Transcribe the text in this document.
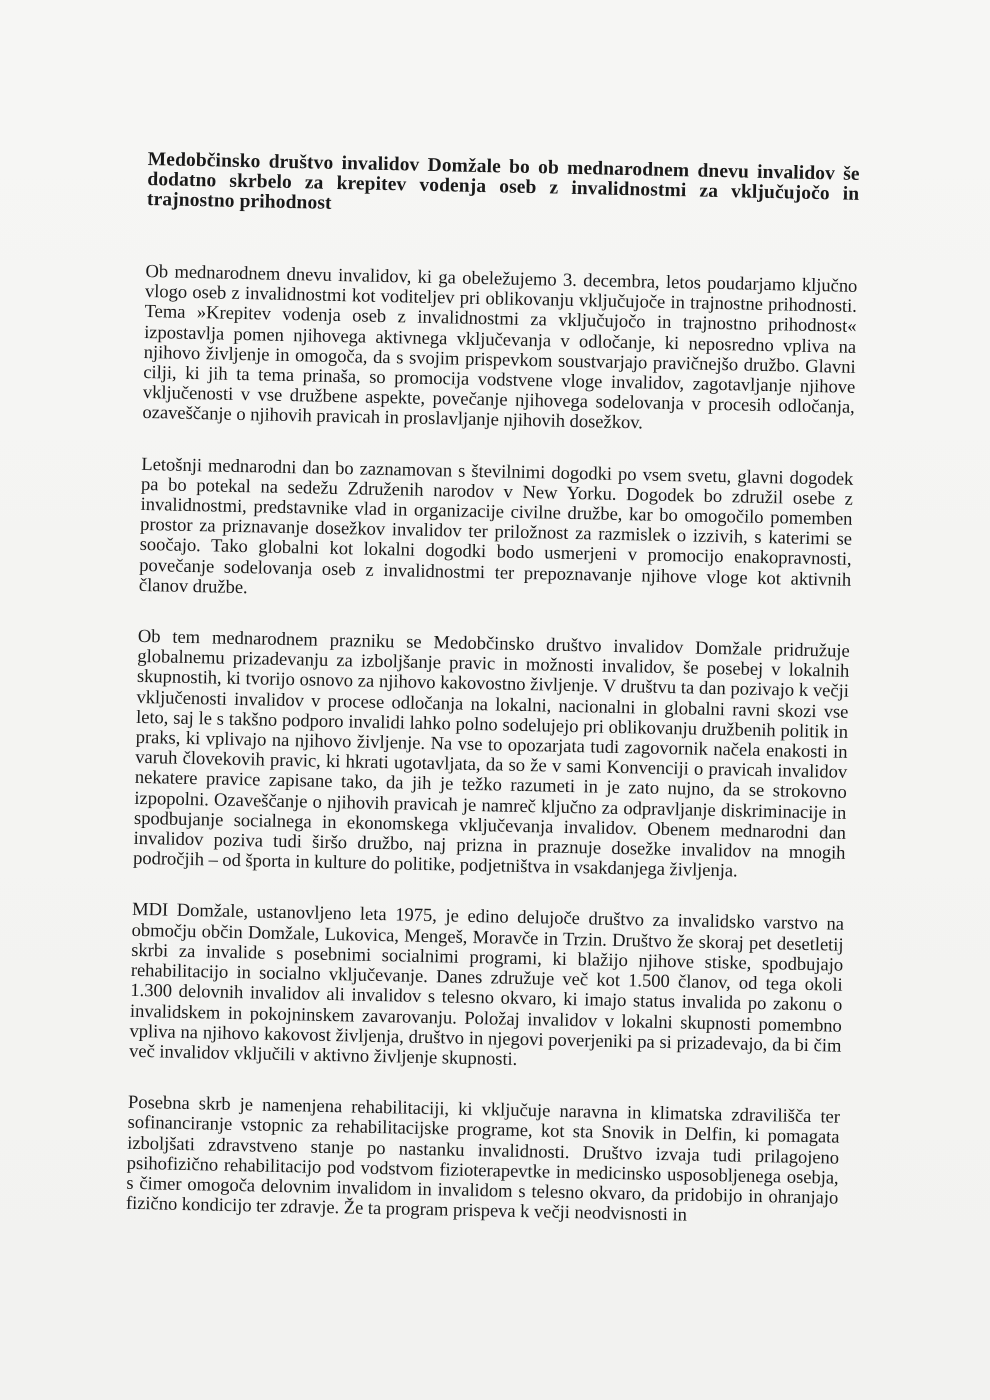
Medobčinsko društvo invalidov Domžale bo ob mednarodnem dnevu invalidov še dodatno skrbelo za krepitev vodenja oseb z invalidnostmi za vključujočo in trajnostno prihodnost

Ob mednarodnem dnevu invalidov, ki ga obeležujemo 3. decembra, letos poudarjamo ključno vlogo oseb z invalidnostmi kot voditeljev pri oblikovanju vključujoče in trajnostne prihodnosti. Tema »Krepitev vodenja oseb z invalidnostmi za vključujočo in trajnostno prihodnost« izpostavlja pomen njihovega aktivnega vključevanja v odločanje, ki neposredno vpliva na njihovo življenje in omogoča, da s svojim prispevkom soustvarjajo pravičnejšo družbo. Glavni cilji, ki jih ta tema prinaša, so promocija vodstvene vloge invalidov, zagotavljanje njihove vključenosti v vse družbene aspekte, povečanje njihovega sodelovanja v procesih odločanja, ozaveščanje o njihovih pravicah in proslavljanje njihovih dosežkov.

Letošnji mednarodni dan bo zaznamovan s številnimi dogodki po vsem svetu, glavni dogodek pa bo potekal na sedežu Združenih narodov v New Yorku. Dogodek bo združil osebe z invalidnostmi, predstavnike vlad in organizacije civilne družbe, kar bo omogočilo pomemben prostor za priznavanje dosežkov invalidov ter priložnost za razmislek o izzivih, s katerimi se soočajo. Tako globalni kot lokalni dogodki bodo usmerjeni v promocijo enakopravnosti, povečanje sodelovanja oseb z invalidnostmi ter prepoznavanje njihove vloge kot aktivnih članov družbe.

Ob tem mednarodnem prazniku se Medobčinsko društvo invalidov Domžale pridružuje globalnemu prizadevanju za izboljšanje pravic in možnosti invalidov, še posebej v lokalnih skupnostih, ki tvorijo osnovo za njihovo kakovostno življenje. V društvu ta dan pozivajo k večji vključenosti invalidov v procese odločanja na lokalni, nacionalni in globalni ravni skozi vse leto, saj le s takšno podporo invalidi lahko polno sodelujejo pri oblikovanju družbenih politik in praks, ki vplivajo na njihovo življenje. Na vse to opozarjata tudi zagovornik načela enakosti in varuh človekovih pravic, ki hkrati ugotavljata, da so že v sami Konvenciji o pravicah invalidov nekatere pravice zapisane tako, da jih je težko razumeti in je zato nujno, da se strokovno izpopolni. Ozaveščanje o njihovih pravicah je namreč ključno za odpravljanje diskriminacije in spodbujanje socialnega in ekonomskega vključevanja invalidov. Obenem mednarodni dan invalidov poziva tudi širšo družbo, naj prizna in praznuje dosežke invalidov na mnogih področjih – od športa in kulture do politike, podjetništva in vsakdanjega življenja.

MDI Domžale, ustanovljeno leta 1975, je edino delujoče društvo za invalidsko varstvo na območju občin Domžale, Lukovica, Mengeš, Moravče in Trzin. Društvo že skoraj pet desetletij skrbi za invalide s posebnimi socialnimi programi, ki blažijo njihove stiske, spodbujajo rehabilitacijo in socialno vključevanje. Danes združuje več kot 1.500 članov, od tega okoli 1.300 delovnih invalidov ali invalidov s telesno okvaro, ki imajo status invalida po zakonu o invalidskem in pokojninskem zavarovanju. Položaj invalidov v lokalni skupnosti pomembno vpliva na njihovo kakovost življenja, društvo in njegovi poverjeniki pa si prizadevajo, da bi čim več invalidov vključili v aktivno življenje skupnosti.

Posebna skrb je namenjena rehabilitaciji, ki vključuje naravna in klimatska zdravilišča ter sofinanciranje vstopnic za rehabilitacijske programe, kot sta Snovik in Delfin, ki pomagata izboljšati zdravstveno stanje po nastanku invalidnosti. Društvo izvaja tudi prilagojeno psihofizično rehabilitacijo pod vodstvom fizioterapevtke in medicinsko usposobljenega osebja, s čimer omogoča delovnim invalidom in invalidom s telesno okvaro, da pridobijo in ohranjajo fizično kondicijo ter zdravje. Že ta program prispeva k večji neodvisnosti in
